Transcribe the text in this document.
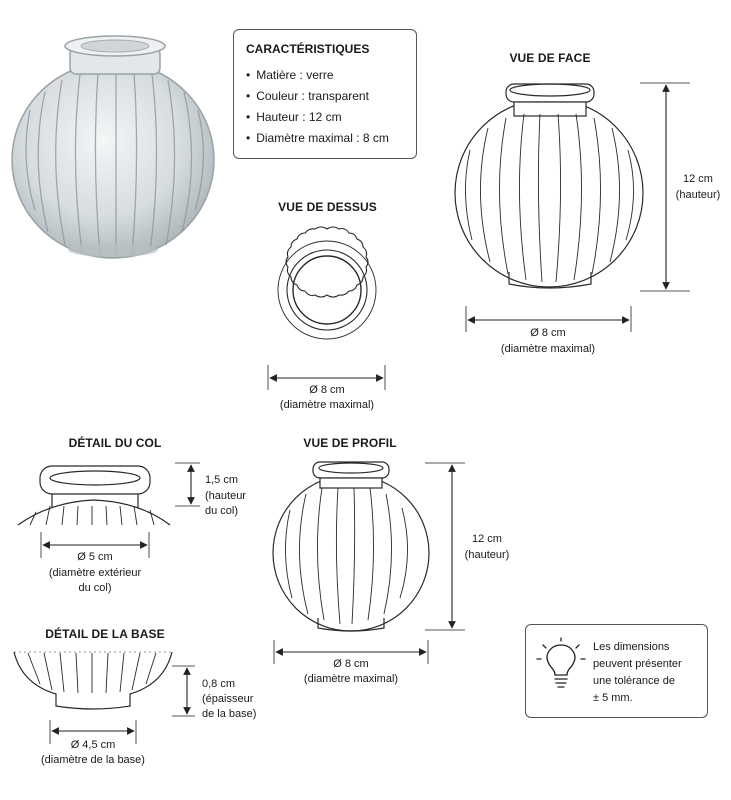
CARACTÉRISTIQUES
• Matière : verre
• Couleur : transparent
• Hauteur : 12 cm
• Diamètre maximal : 8 cm
VUE DE FACE
VUE DE DESSUS
DÉTAIL DU COL	VUE DE PROFIL
DÉTAIL DE LA BASE
12 cm
(hauteur)
Ø 8 cm
(diamètre maximal)
Ø 8 cm
(diamètre maximal)
1,5 cm
(hauteur
du col)
Ø 5 cm
(diamètre extérieur
du col)
12 cm
(hauteur)
Ø 8 cm
(diamètre maximal)
0,8 cm
(épaisseur
de la base)
Ø 4,5 cm
(diamètre de la base)
Les dimensions
peuvent présenter
une tolérance de
± 5 mm.
